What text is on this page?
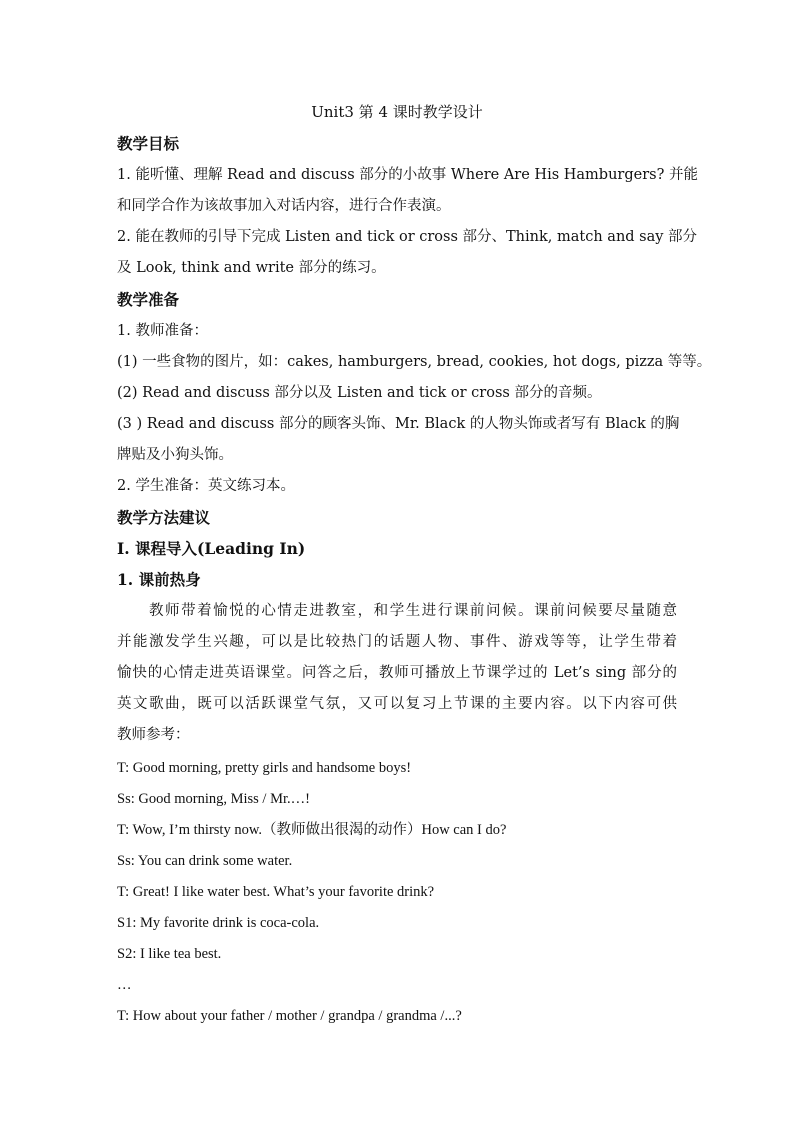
Unit3 第 4 课时教学设计
教学目标
1. 能听懂、理解 Read and discuss 部分的小故事 Where Are His Hamburgers? 并能
和同学合作为该故事加入对话内容，进行合作表演。
2. 能在教师的引导下完成 Listen and tick or cross 部分、Think, match and say 部分
及 Look, think and write 部分的练习。
教学准备
1. 教师准备：
(1) 一些食物的图片，如：cakes, hamburgers, bread, cookies, hot dogs, pizza 等等。
(2) Read and discuss 部分以及 Listen and tick or cross 部分的音频。
(3 ) Read and discuss 部分的顾客头饰、Mr. Black 的人物头饰或者写有 Black 的胸
牌贴及小狗头饰。
2. 学生准备：英文练习本。
教学方法建议
I. 课程导入(Leading In)
1. 课前热身
教师带着愉悦的心情走进教室，和学生进行课前问候。课前问候要尽量随意
并能激发学生兴趣，可以是比较热门的话题人物、事件、游戏等等，让学生带着
愉快的心情走进英语课堂。问答之后，教师可播放上节课学过的 Let’s sing 部分的
英文歌曲，既可以活跃课堂气氛，又可以复习上节课的主要内容。以下内容可供
教师参考：
T: Good morning, pretty girls and handsome boys!
Ss: Good morning, Miss / Mr.…!
T: Wow, I’m thirsty now.（教师做出很渴的动作）How can I do?
Ss: You can drink some water.
T: Great! I like water best. What’s your favorite drink?
S1: My favorite drink is coca-cola.
S2: I like tea best.
…
T: How about your father / mother / grandpa / grandma /...?
